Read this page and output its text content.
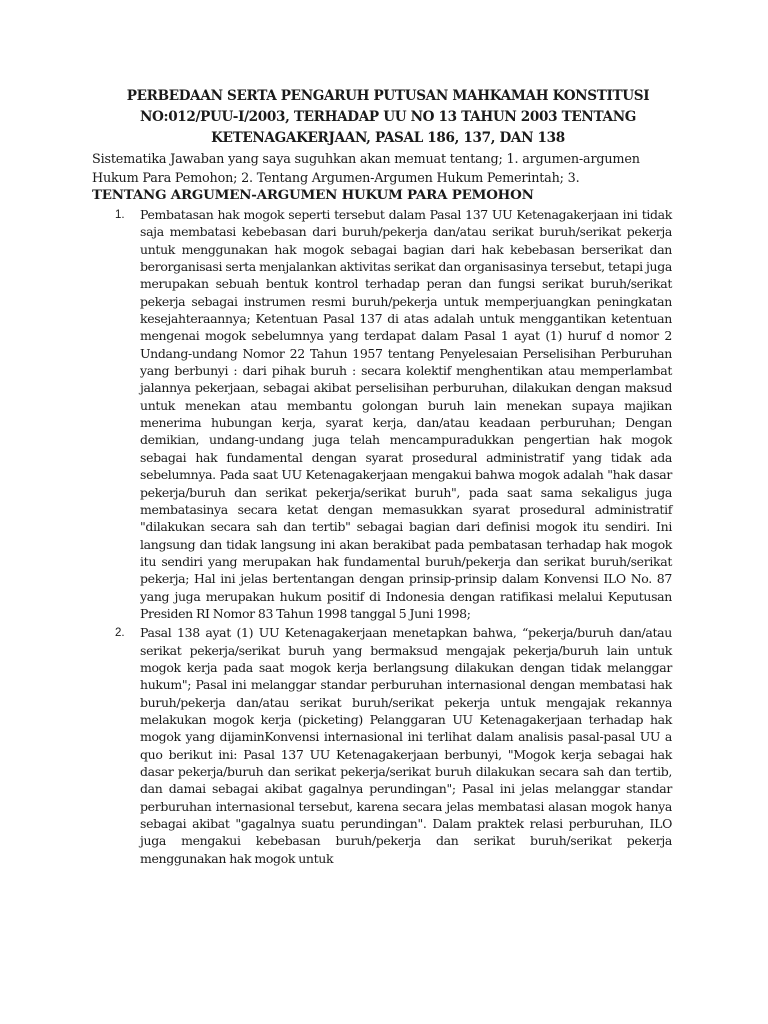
PERBEDAAN SERTA PENGARUH PUTUSAN MAHKAMAH KONSTITUSI NO:012/PUU-I/2003, TERHADAP UU NO 13 TAHUN 2003 TENTANG KETENAGAKERJAAN, PASAL 186, 137, DAN 138

Sistematika Jawaban yang saya suguhkan akan memuat tentang; 1. argumen-argumen Hukum Para Pemohon; 2. Tentang Argumen-Argumen Hukum Pemerintah; 3.

TENTANG ARGUMEN-ARGUMEN HUKUM PARA PEMOHON
1.	Pembatasan hak mogok seperti tersebut dalam Pasal 137 UU Ketenagakerjaan ini tidak saja membatasi kebebasan dari buruh/pekerja dan/atau serikat buruh/serikat pekerja untuk menggunakan hak mogok sebagai bagian dari hak kebebasan berserikat dan berorganisasi serta menjalankan aktivitas serikat dan organisasinya tersebut, tetapi juga merupakan sebuah bentuk kontrol terhadap peran dan fungsi serikat buruh/serikat pekerja sebagai instrumen resmi buruh/pekerja untuk memperjuangkan peningkatan kesejahteraannya; Ketentuan Pasal 137 di atas adalah untuk menggantikan ketentuan mengenai mogok sebelumnya yang terdapat dalam Pasal 1 ayat (1) huruf d nomor 2 Undang-undang Nomor 22 Tahun 1957 tentang Penyelesaian Perselisihan Perburuhan yang berbunyi : dari pihak buruh : secara kolektif menghentikan atau memperlambat jalannya pekerjaan, sebagai akibat perselisihan perburuhan, dilakukan dengan maksud untuk menekan atau membantu golongan buruh lain menekan supaya majikan menerima hubungan kerja, syarat kerja, dan/atau keadaan perburuhan; Dengan demikian, undang-undang juga telah mencampuradukkan pengertian hak mogok sebagai hak fundamental dengan syarat prosedural administratif yang tidak ada sebelumnya. Pada saat UU Ketenagakerjaan mengakui bahwa mogok adalah "hak dasar pekerja/buruh dan serikat pekerja/serikat buruh", pada saat sama sekaligus juga membatasinya secara ketat dengan memasukkan syarat prosedural administratif "dilakukan secara sah dan tertib" sebagai bagian dari definisi mogok itu sendiri. Ini langsung dan tidak langsung ini akan berakibat pada pembatasan terhadap hak mogok itu sendiri yang merupakan hak fundamental buruh/pekerja dan serikat buruh/serikat pekerja; Hal ini jelas bertentangan dengan prinsip-prinsip dalam Konvensi ILO No. 87 yang juga merupakan hukum positif di Indonesia dengan ratifikasi melalui Keputusan Presiden RI Nomor 83 Tahun 1998 tanggal 5 Juni 1998;

2.	Pasal 138 ayat (1) UU Ketenagakerjaan menetapkan bahwa, “pekerja/buruh dan/atau serikat pekerja/serikat buruh yang bermaksud mengajak pekerja/buruh lain untuk mogok kerja pada saat mogok kerja berlangsung dilakukan dengan tidak melanggar hukum"; Pasal ini melanggar standar perburuhan internasional dengan membatasi hak buruh/pekerja dan/atau serikat buruh/serikat pekerja untuk mengajak rekannya melakukan mogok kerja (picketing) Pelanggaran UU Ketenagakerjaan terhadap hak mogok yang dijaminKonvensi internasional ini terlihat dalam analisis pasal-pasal UU a quo berikut ini: Pasal 137 UU Ketenagakerjaan berbunyi, "Mogok kerja sebagai hak dasar pekerja/buruh dan serikat pekerja/serikat buruh dilakukan secara sah dan tertib, dan damai sebagai akibat gagalnya perundingan"; Pasal ini jelas melanggar standar perburuhan internasional tersebut, karena secara jelas membatasi alasan mogok hanya sebagai akibat "gagalnya suatu perundingan". Dalam praktek relasi perburuhan, ILO juga mengakui kebebasan buruh/pekerja dan serikat buruh/serikat pekerja menggunakan hak mogok untuk
